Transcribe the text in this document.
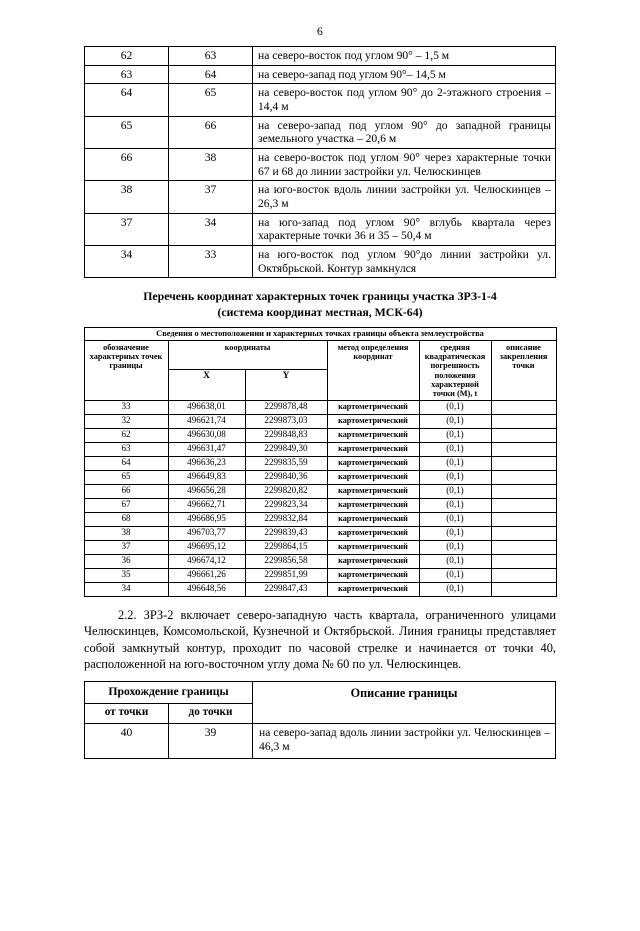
6
62	63	на северо-восток под углом 90° – 1,5 м
63	64	на северо-запад под углом 90°– 14,5 м
64	65	на северо-восток под углом 90° до 2-этажного строения – 14,4 м
65	66	на северо-запад под углом 90° до западной границы земельного участка – 20,6 м
66	38	на северо-восток под углом 90° через характерные точки 67 и 68 до линии застройки ул. Челюскинцев
38	37	на юго-восток вдоль линии застройки ул. Челюскинцев – 26,3 м
37	34	на юго-запад под углом 90° вглубь квартала через характерные точки 36 и 35 – 50,4 м
34	33	на юго-восток под углом 90°до линии застройки ул. Октябрьской. Контур замкнулся
Перечень координат характерных точек границы участка ЗРЗ-1-4
(система координат местная, МСК-64)
Сведения о местоположении и характерных точках границы объекта землеустройства					
обозначение характерных точек границы	координаты		метод определения координат	средняя квадратическая погрешность положения характерной точки (М), t	описание закрепления точки
	X	Y			
33	496638,01	2299878,48	картометрический	(0,1)	
32	496621,74	2299873,03	картометрический	(0,1)	
62	496630,08	2299848,83	картометрический	(0,1)	
63	496631,47	2299849,30	картометрический	(0,1)	
64	496636,23	2299835,59	картометрический	(0,1)	
65	496649,83	2299840,36	картометрический	(0,1)	
66	496656,28	2299820,82	картометрический	(0,1)	
67	496662,71	2299823,34	картометрический	(0,1)	
68	496686,95	2299832,84	картометрический	(0,1)	
38	496703,77	2299839,43	картометрический	(0,1)	
37	496695,12	2299864,15	картометрический	(0,1)	
36	496674,12	2299856,58	картометрический	(0,1)	
35	496661,26	2299851,99	картометрический	(0,1)	
34	496648,56	2299847,43	картометрический	(0,1)	

2.2. ЗРЗ-2 включает северо-западную часть квартала, ограниченного улицами Челюскинцев, Комсомольской, Кузнечной и Октябрьской. Линия границы представляет собой замкнутый контур, проходит по часовой стрелке и начинается от точки 40, расположенной на юго-восточном углу дома № 60 по ул. Челюскинцев.

Прохождение границы		Описание границы
от точки	до точки	
40	39	на северо-запад вдоль линии застройки ул. Челюскинцев – 46,3 м
